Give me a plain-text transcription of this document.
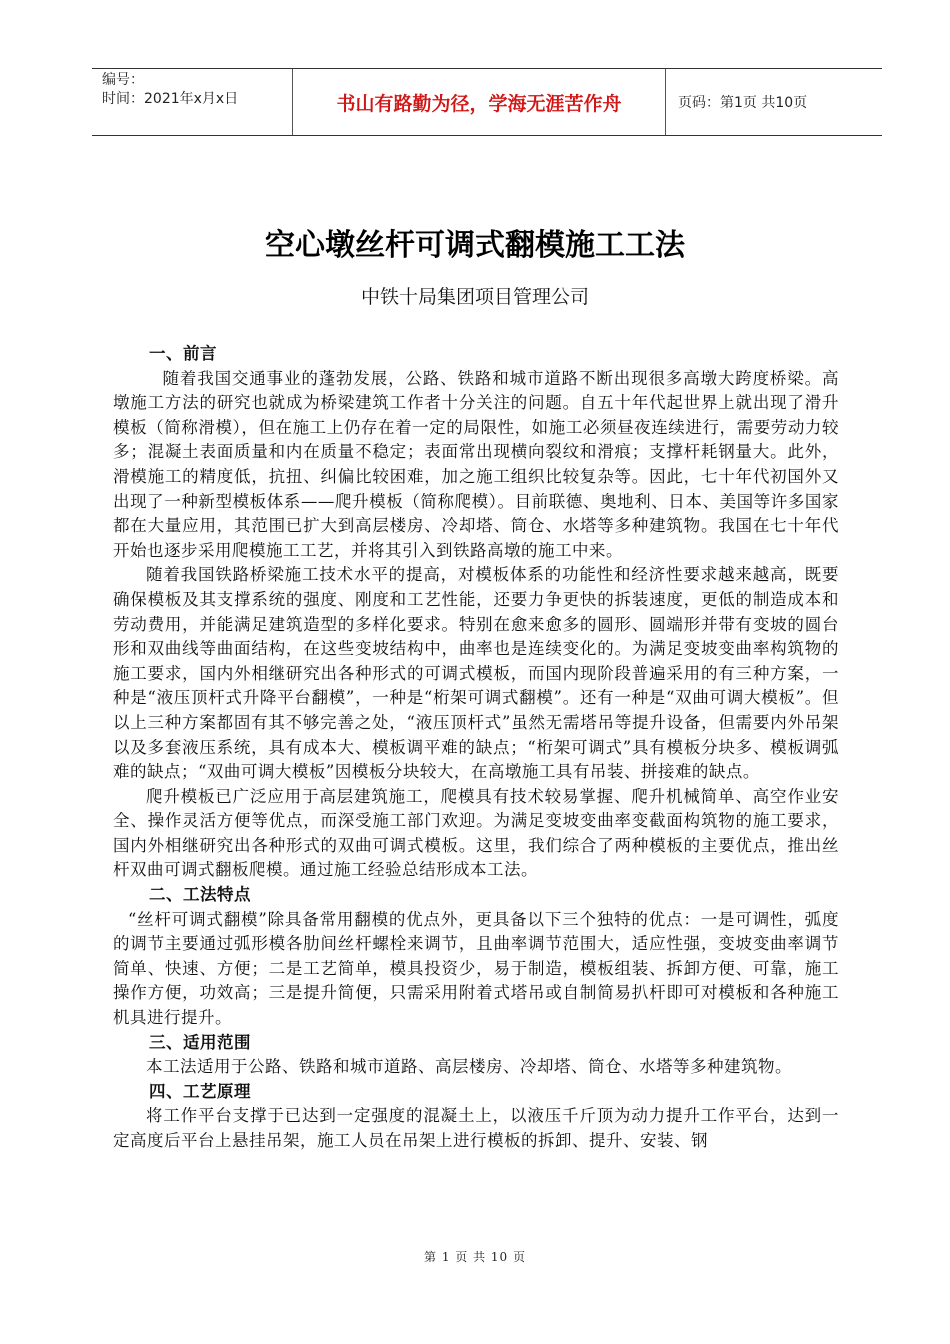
编号：
时间：2021年x月x日	书山有路勤为径，学海无涯苦作舟	页码：第1页 共10页
空心墩丝杆可调式翻模施工工法
中铁十局集团项目管理公司
一、前言

随着我国交通事业的蓬勃发展，公路、铁路和城市道路不断出现很多高墩大跨度桥梁。高墩施工方法的研究也就成为桥梁建筑工作者十分关注的问题。自五十年代起世界上就出现了滑升模板（简称滑模），但在施工上仍存在着一定的局限性，如施工必须昼夜连续进行，需要劳动力较多；混凝土表面质量和内在质量不稳定；表面常出现横向裂纹和滑痕；支撑杆耗钢量大。此外，滑模施工的精度低，抗扭、纠偏比较困难，加之施工组织比较复杂等。因此，七十年代初国外又出现了一种新型模板体系——爬升模板（简称爬模）。目前联德、奥地利、日本、美国等许多国家都在大量应用，其范围已扩大到高层楼房、冷却塔、筒仓、水塔等多种建筑物。我国在七十年代开始也逐步采用爬模施工工艺，并将其引入到铁路高墩的施工中来。

随着我国铁路桥梁施工技术水平的提高，对模板体系的功能性和经济性要求越来越高，既要确保模板及其支撑系统的强度、刚度和工艺性能，还要力争更快的拆装速度，更低的制造成本和劳动费用，并能满足建筑造型的多样化要求。特别在愈来愈多的圆形、圆端形并带有变坡的圆台形和双曲线等曲面结构，在这些变坡结构中，曲率也是连续变化的。为满足变坡变曲率构筑物的施工要求，国内外相继研究出各种形式的可调式模板，而国内现阶段普遍采用的有三种方案，一种是“液压顶杆式升降平台翻模”，一种是“桁架可调式翻模”。还有一种是“双曲可调大模板”。但以上三种方案都固有其不够完善之处，“液压顶杆式”虽然无需塔吊等提升设备，但需要内外吊架以及多套液压系统，具有成本大、模板调平难的缺点；“桁架可调式”具有模板分块多、模板调弧难的缺点；“双曲可调大模板”因模板分块较大，在高墩施工具有吊装、拼接难的缺点。

爬升模板已广泛应用于高层建筑施工，爬模具有技术较易掌握、爬升机械简单、高空作业安全、操作灵活方便等优点，而深受施工部门欢迎。为满足变坡变曲率变截面构筑物的施工要求，国内外相继研究出各种形式的双曲可调式模板。这里，我们综合了两种模板的主要优点，推出丝杆双曲可调式翻板爬模。通过施工经验总结形成本工法。

二、工法特点

“丝杆可调式翻模”除具备常用翻模的优点外，更具备以下三个独特的优点：一是可调性，弧度的调节主要通过弧形模各肋间丝杆螺栓来调节，且曲率调节范围大，适应性强，变坡变曲率调节简单、快速、方便；二是工艺简单，模具投资少，易于制造，模板组装、拆卸方便、可靠，施工操作方便，功效高；三是提升简便，只需采用附着式塔吊或自制简易扒杆即可对模板和各种施工机具进行提升。

三、适用范围

本工法适用于公路、铁路和城市道路、高层楼房、冷却塔、筒仓、水塔等多种建筑物。

四、工艺原理

将工作平台支撑于已达到一定强度的混凝土上，以液压千斤顶为动力提升工作平台，达到一定高度后平台上悬挂吊架，施工人员在吊架上进行模板的拆卸、提升、安装、钢

第 1 页 共 10 页
